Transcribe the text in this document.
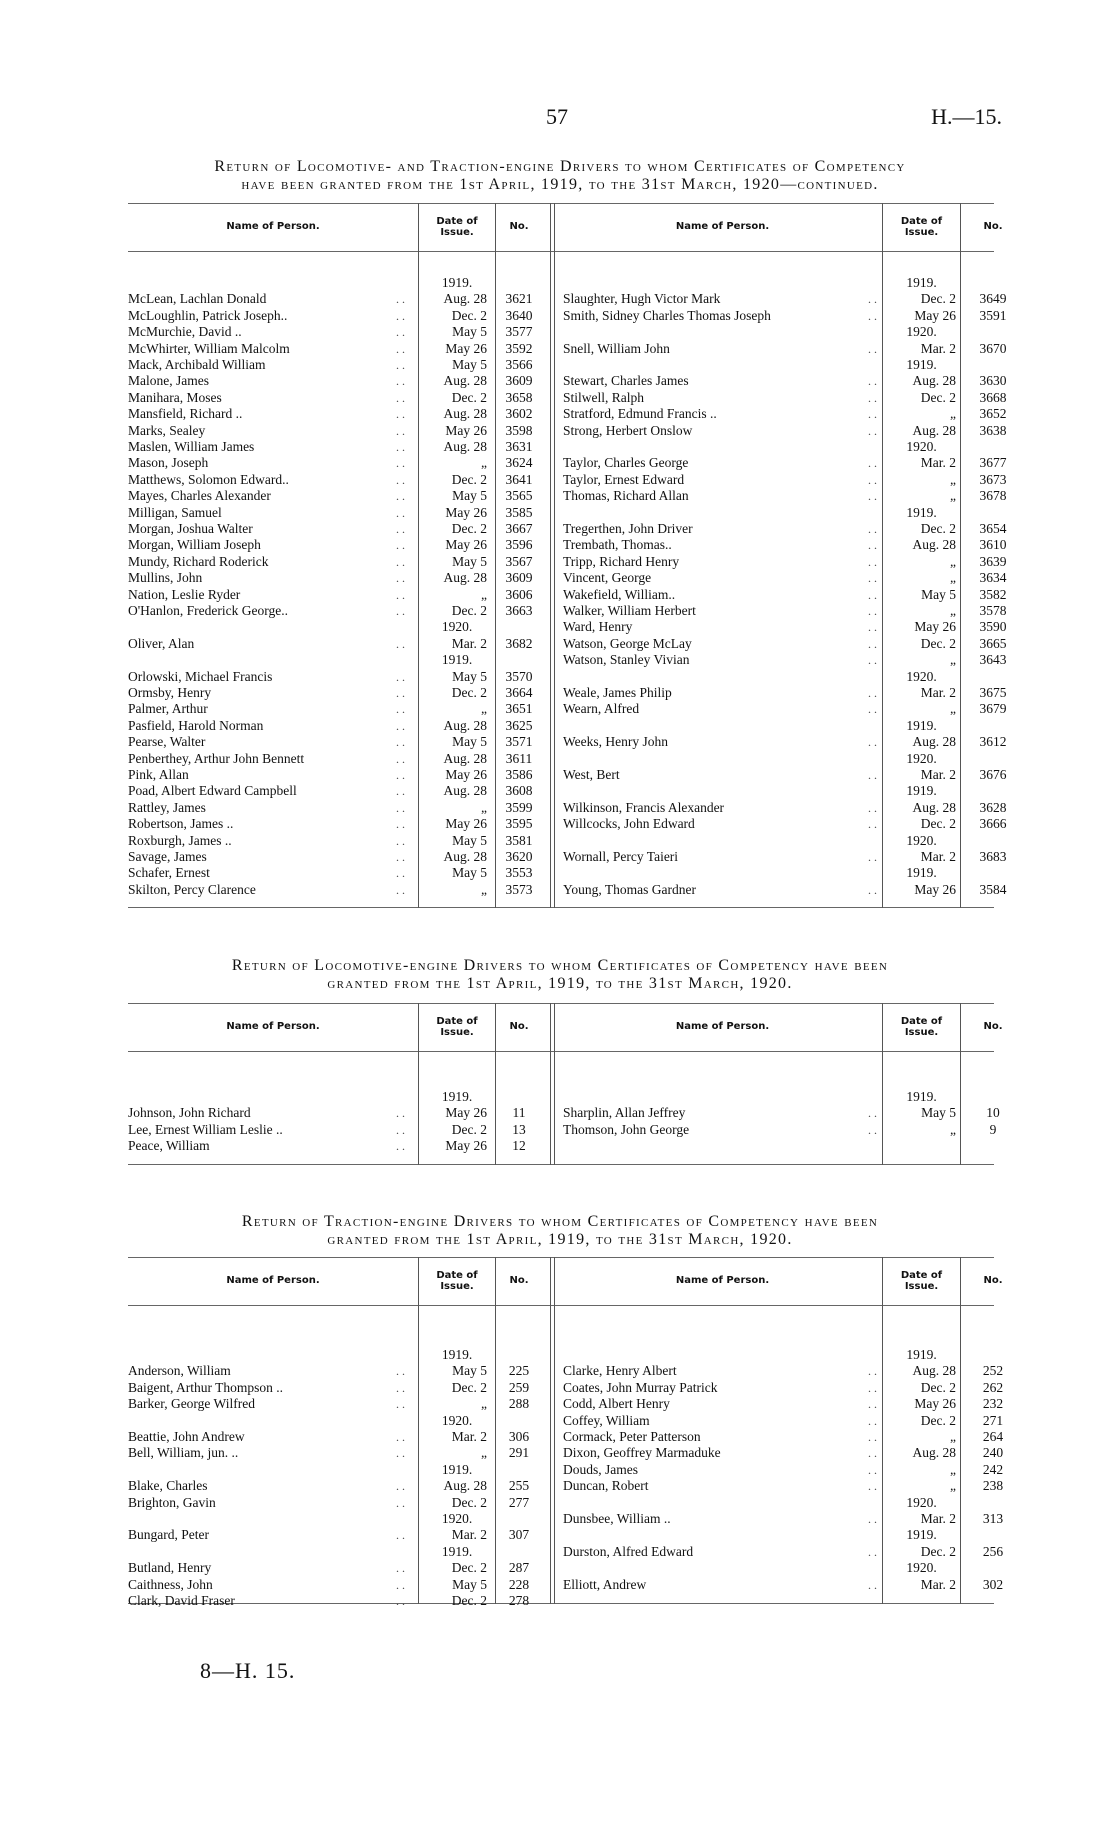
57	H.—15.
Return of Locomotive- and Traction-engine Drivers to whom Certificates of Competency
have been granted from the 1st April, 1919, to the 31st March, 1920—continued.
Name of Person.	Date of Issue.
No.	Name of Person.	Date of Issue.
No.
1919.
McLean, Lachlan Donald	. .	Aug. 28	3621
McLoughlin, Patrick Joseph..	. .	Dec. 2	3640
McMurchie, David ..	. .	May 5	3577
McWhirter, William Malcolm	. .	May 26	3592
Mack, Archibald William	. .	May 5	3566
Malone, James	. .	Aug. 28	3609
Manihara, Moses	. .	Dec. 2	3658
Mansfield, Richard ..	. .	Aug. 28	3602
Marks, Sealey	. .	May 26	3598
Maslen, William James	. .	Aug. 28	3631
Mason, Joseph	. .	„	3624
Matthews, Solomon Edward..	. .	Dec. 2	3641
Mayes, Charles Alexander	. .	May 5	3565
Milligan, Samuel	. .	May 26	3585
Morgan, Joshua Walter	. .	Dec. 2	3667
Morgan, William Joseph	. .	May 26	3596
Mundy, Richard Roderick	. .	May 5	3567
Mullins, John	. .	Aug. 28	3609
Nation, Leslie Ryder	. .	„	3606
O'Hanlon, Frederick George..	. .	Dec. 2	3663
1920.
Oliver, Alan	. .	Mar. 2	3682
1919.
Orlowski, Michael Francis	. .	May 5	3570
Ormsby, Henry	. .	Dec. 2	3664
Palmer, Arthur	. .	„	3651
Pasfield, Harold Norman	. .	Aug. 28	3625
Pearse, Walter	. .	May 5	3571
Penberthey, Arthur John Bennett	. .	Aug. 28	3611
Pink, Allan	. .	May 26	3586
Poad, Albert Edward Campbell	. .	Aug. 28	3608
Rattley, James	. .	„	3599
Robertson, James ..	. .	May 26	3595
Roxburgh, James ..	. .	May 5	3581
Savage, James	. .	Aug. 28	3620
Schafer, Ernest	. .	May 5	3553
Skilton, Percy Clarence	. .	„	3573
1919.
Slaughter, Hugh Victor Mark	. .	Dec. 2	3649
Smith, Sidney Charles Thomas Joseph	. .	May 26	3591
1920.
Snell, William John	. .	Mar. 2	3670
1919.
Stewart, Charles James	. .	Aug. 28	3630
Stilwell, Ralph	. .	Dec. 2	3668
Stratford, Edmund Francis ..	. .	„	3652
Strong, Herbert Onslow	. .	Aug. 28	3638
1920.
Taylor, Charles George	. .	Mar. 2	3677
Taylor, Ernest Edward	. .	„	3673
Thomas, Richard Allan	. .	„	3678
1919.
Tregerthen, John Driver	. .	Dec. 2	3654
Trembath, Thomas..	. .	Aug. 28	3610
Tripp, Richard Henry	. .	„	3639
Vincent, George	. .	„	3634
Wakefield, William..	. .	May 5	3582
Walker, William Herbert	. .	„	3578
Ward, Henry	. .	May 26	3590
Watson, George McLay	. .	Dec. 2	3665
Watson, Stanley Vivian	. .	„	3643
1920.
Weale, James Philip	. .	Mar. 2	3675
Wearn, Alfred	. .	„	3679
1919.
Weeks, Henry John	. .	Aug. 28	3612
1920.
West, Bert	. .	Mar. 2	3676
1919.
Wilkinson, Francis Alexander	. .	Aug. 28	3628
Willcocks, John Edward	. .	Dec. 2	3666
1920.
Wornall, Percy Taieri	. .	Mar. 2	3683
1919.
Young, Thomas Gardner	. .	May 26	3584
Return of Locomotive-engine Drivers to whom Certificates of Competency have been
granted from the 1st April, 1919, to the 31st March, 1920.
Name of Person.	Date of Issue.
No.	Name of Person.	Date of Issue.
No.
1919.
Johnson, John Richard	. .	May 26	11
Lee, Ernest William Leslie ..	. .	Dec. 2	13
Peace, William	. .	May 26	12
1919.
Sharplin, Allan Jeffrey	. .	May 5	10
Thomson, John George	. .	„	9
Return of Traction-engine Drivers to whom Certificates of Competency have been
granted from the 1st April, 1919, to the 31st March, 1920.
Name of Person.	Date of Issue.
No.	Name of Person.	Date of Issue.
No.
1919.
Anderson, William	. .	May 5	225
Baigent, Arthur Thompson ..	. .	Dec. 2	259
Barker, George Wilfred	. .	„	288
1920.
Beattie, John Andrew	. .	Mar. 2	306
Bell, William, jun. ..	. .	„	291
1919.
Blake, Charles	. .	Aug. 28	255
Brighton, Gavin	. .	Dec. 2	277
1920.
Bungard, Peter	. .	Mar. 2	307
1919.
Butland, Henry	. .	Dec. 2	287
Caithness, John	. .	May 5	228
Clark, David Fraser	. .	Dec. 2	278
1919.
Clarke, Henry Albert	. .	Aug. 28	252
Coates, John Murray Patrick	. .	Dec. 2	262
Codd, Albert Henry	. .	May 26	232
Coffey, William	. .	Dec. 2	271
Cormack, Peter Patterson	. .	„	264
Dixon, Geoffrey Marmaduke	. .	Aug. 28	240
Douds, James	. .	„	242
Duncan, Robert	. .	„	238
1920.
Dunsbee, William ..	. .	Mar. 2	313
1919.
Durston, Alfred Edward	. .	Dec. 2	256
1920.
Elliott, Andrew	. .	Mar. 2	302
8—H. 15.
